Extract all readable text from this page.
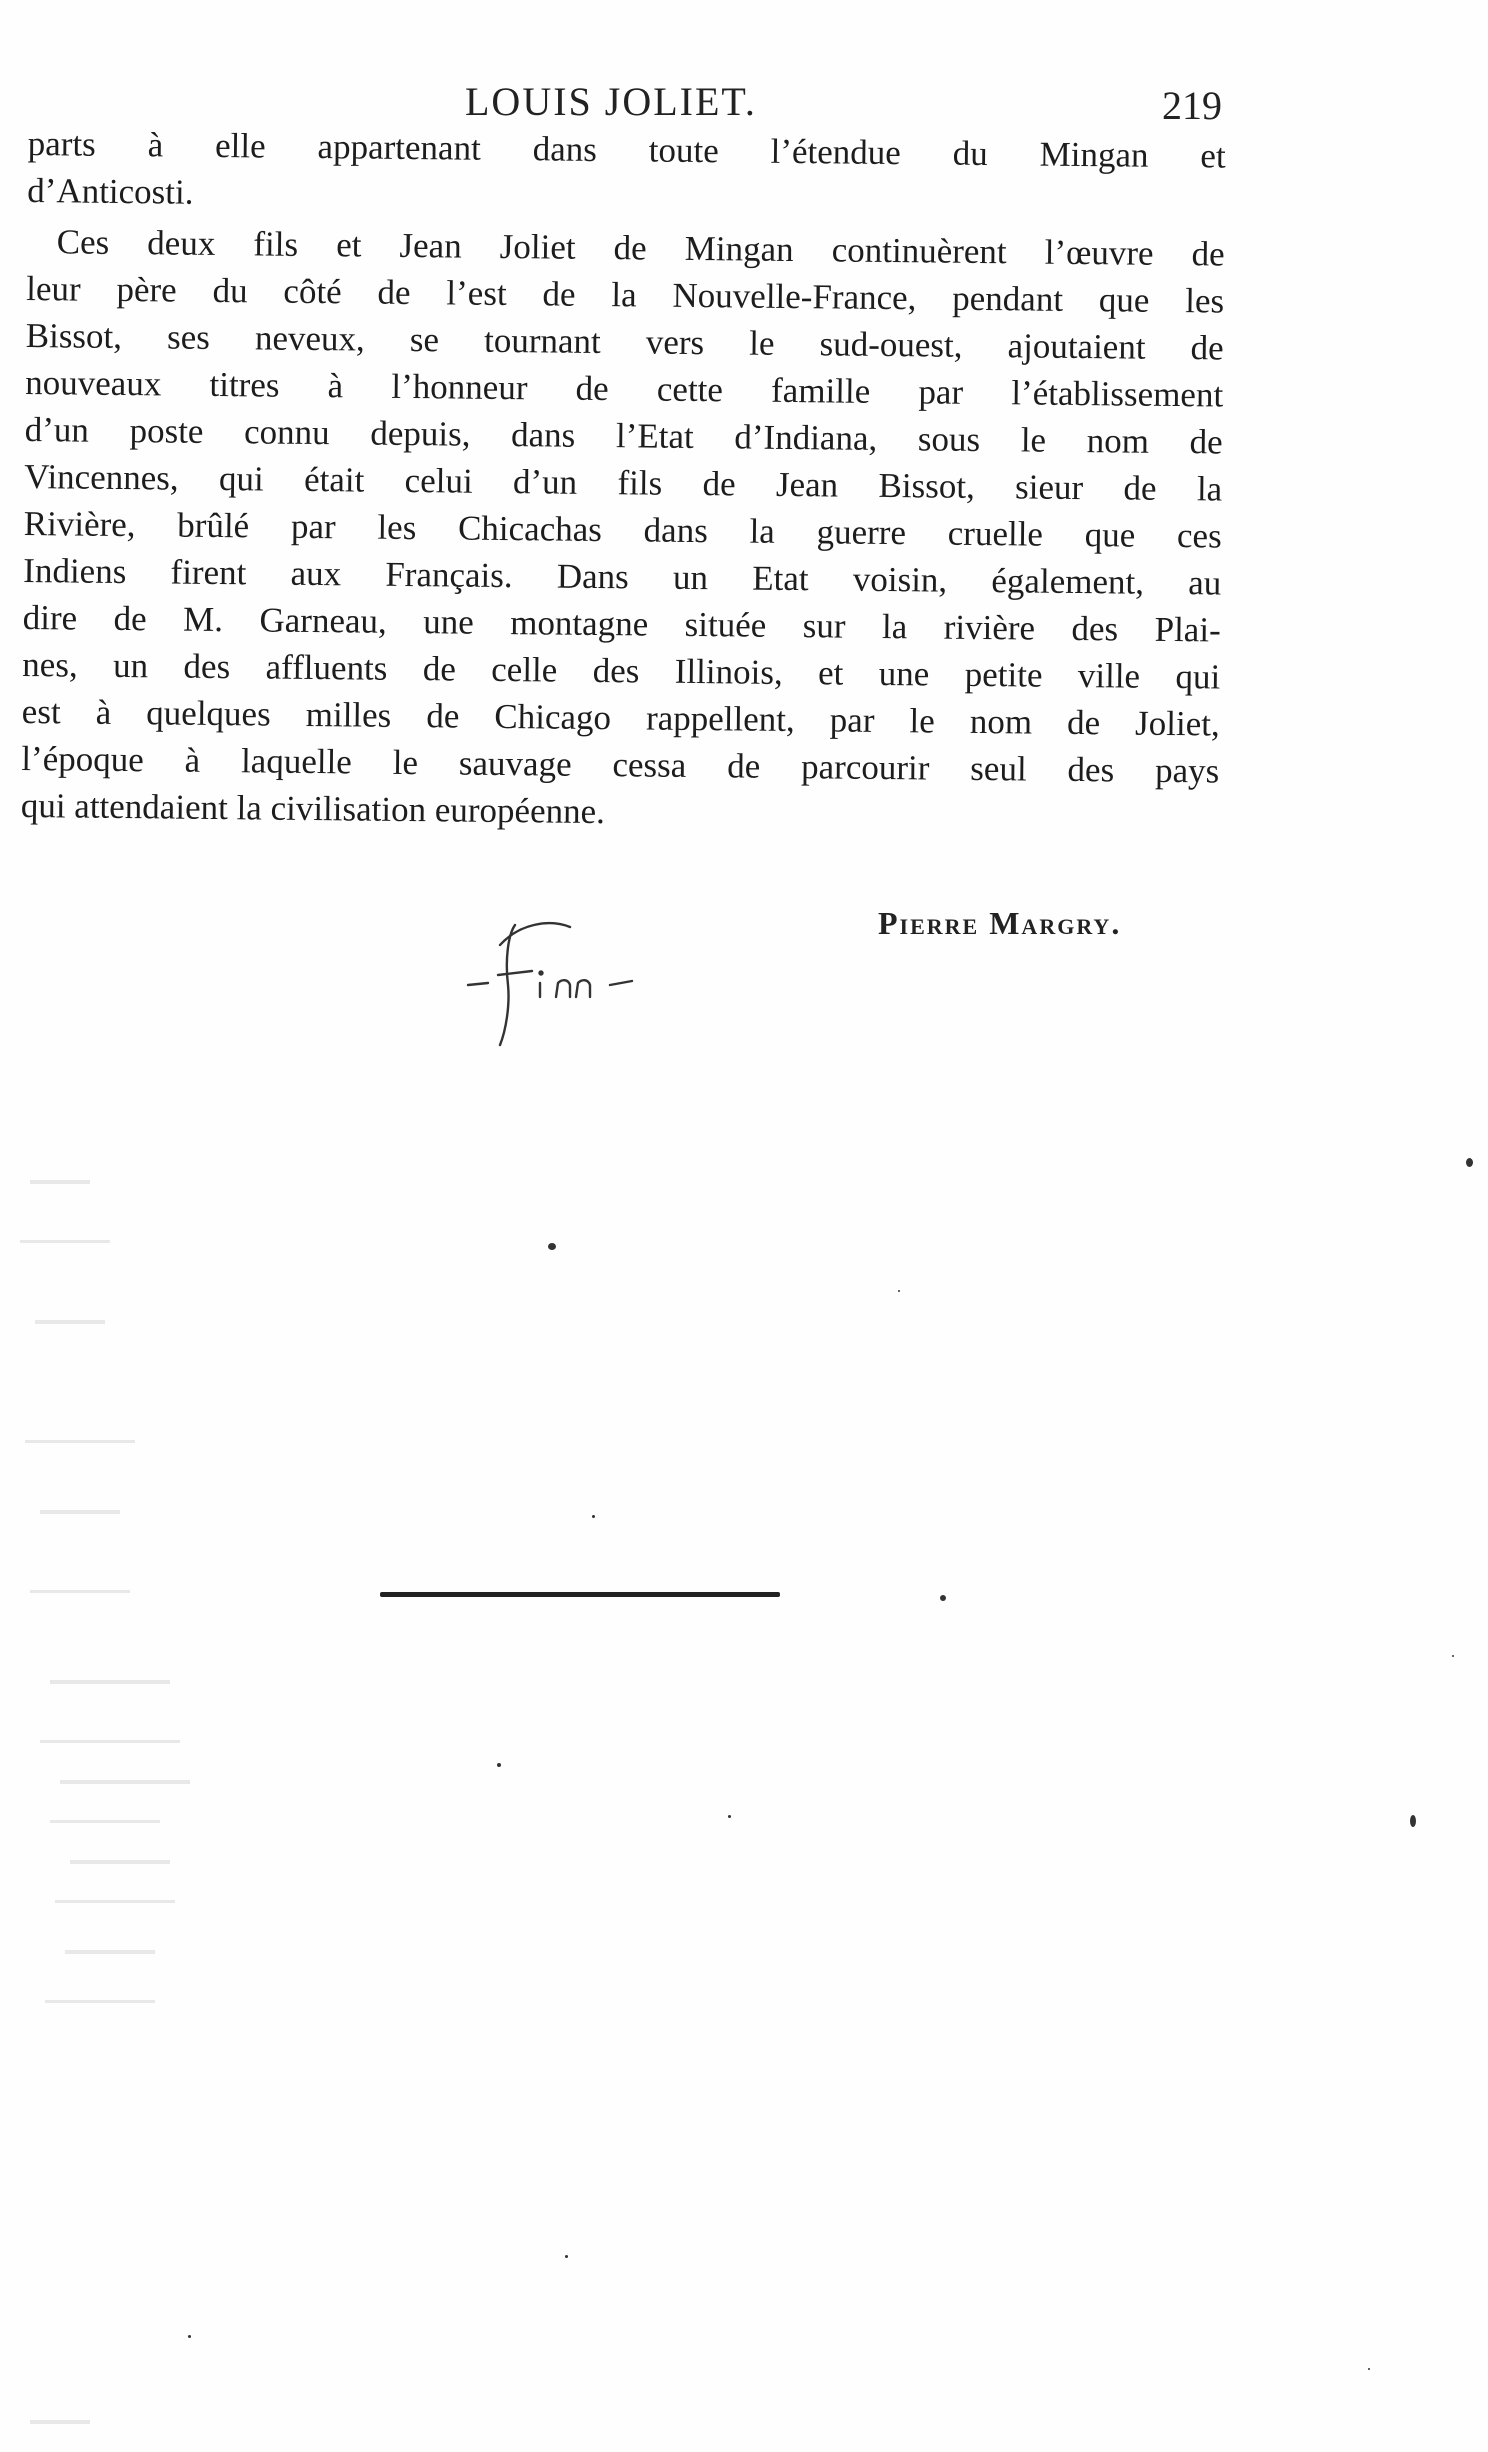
LOUIS JOLIET.	219
parts à elle appartenant dans toute l’étendue du Mingan et
d’Anticosti.
Ces deux fils et Jean Joliet de Mingan continuèrent l’œuvre de
leur père du côté de l’est de la Nouvelle-France, pendant que les
Bissot, ses neveux, se tournant vers le sud-ouest, ajoutaient de
nouveaux titres à l’honneur de cette famille par l’établissement
d’un poste connu depuis, dans l’Etat d’Indiana, sous le nom de
Vincennes, qui était celui d’un fils de Jean Bissot, sieur de la
Rivière, brûlé par les Chicachas dans la guerre cruelle que ces
Indiens firent aux Français. Dans un Etat voisin, également, au
dire de M. Garneau, une montagne située sur la rivière des Plai-
nes, un des affluents de celle des Illinois, et une petite ville qui
est à quelques milles de Chicago rappellent, par le nom de Joliet,
l’époque à laquelle le sauvage cessa de parcourir seul des pays
qui attendaient la civilisation européenne.
Pierre Margry.
